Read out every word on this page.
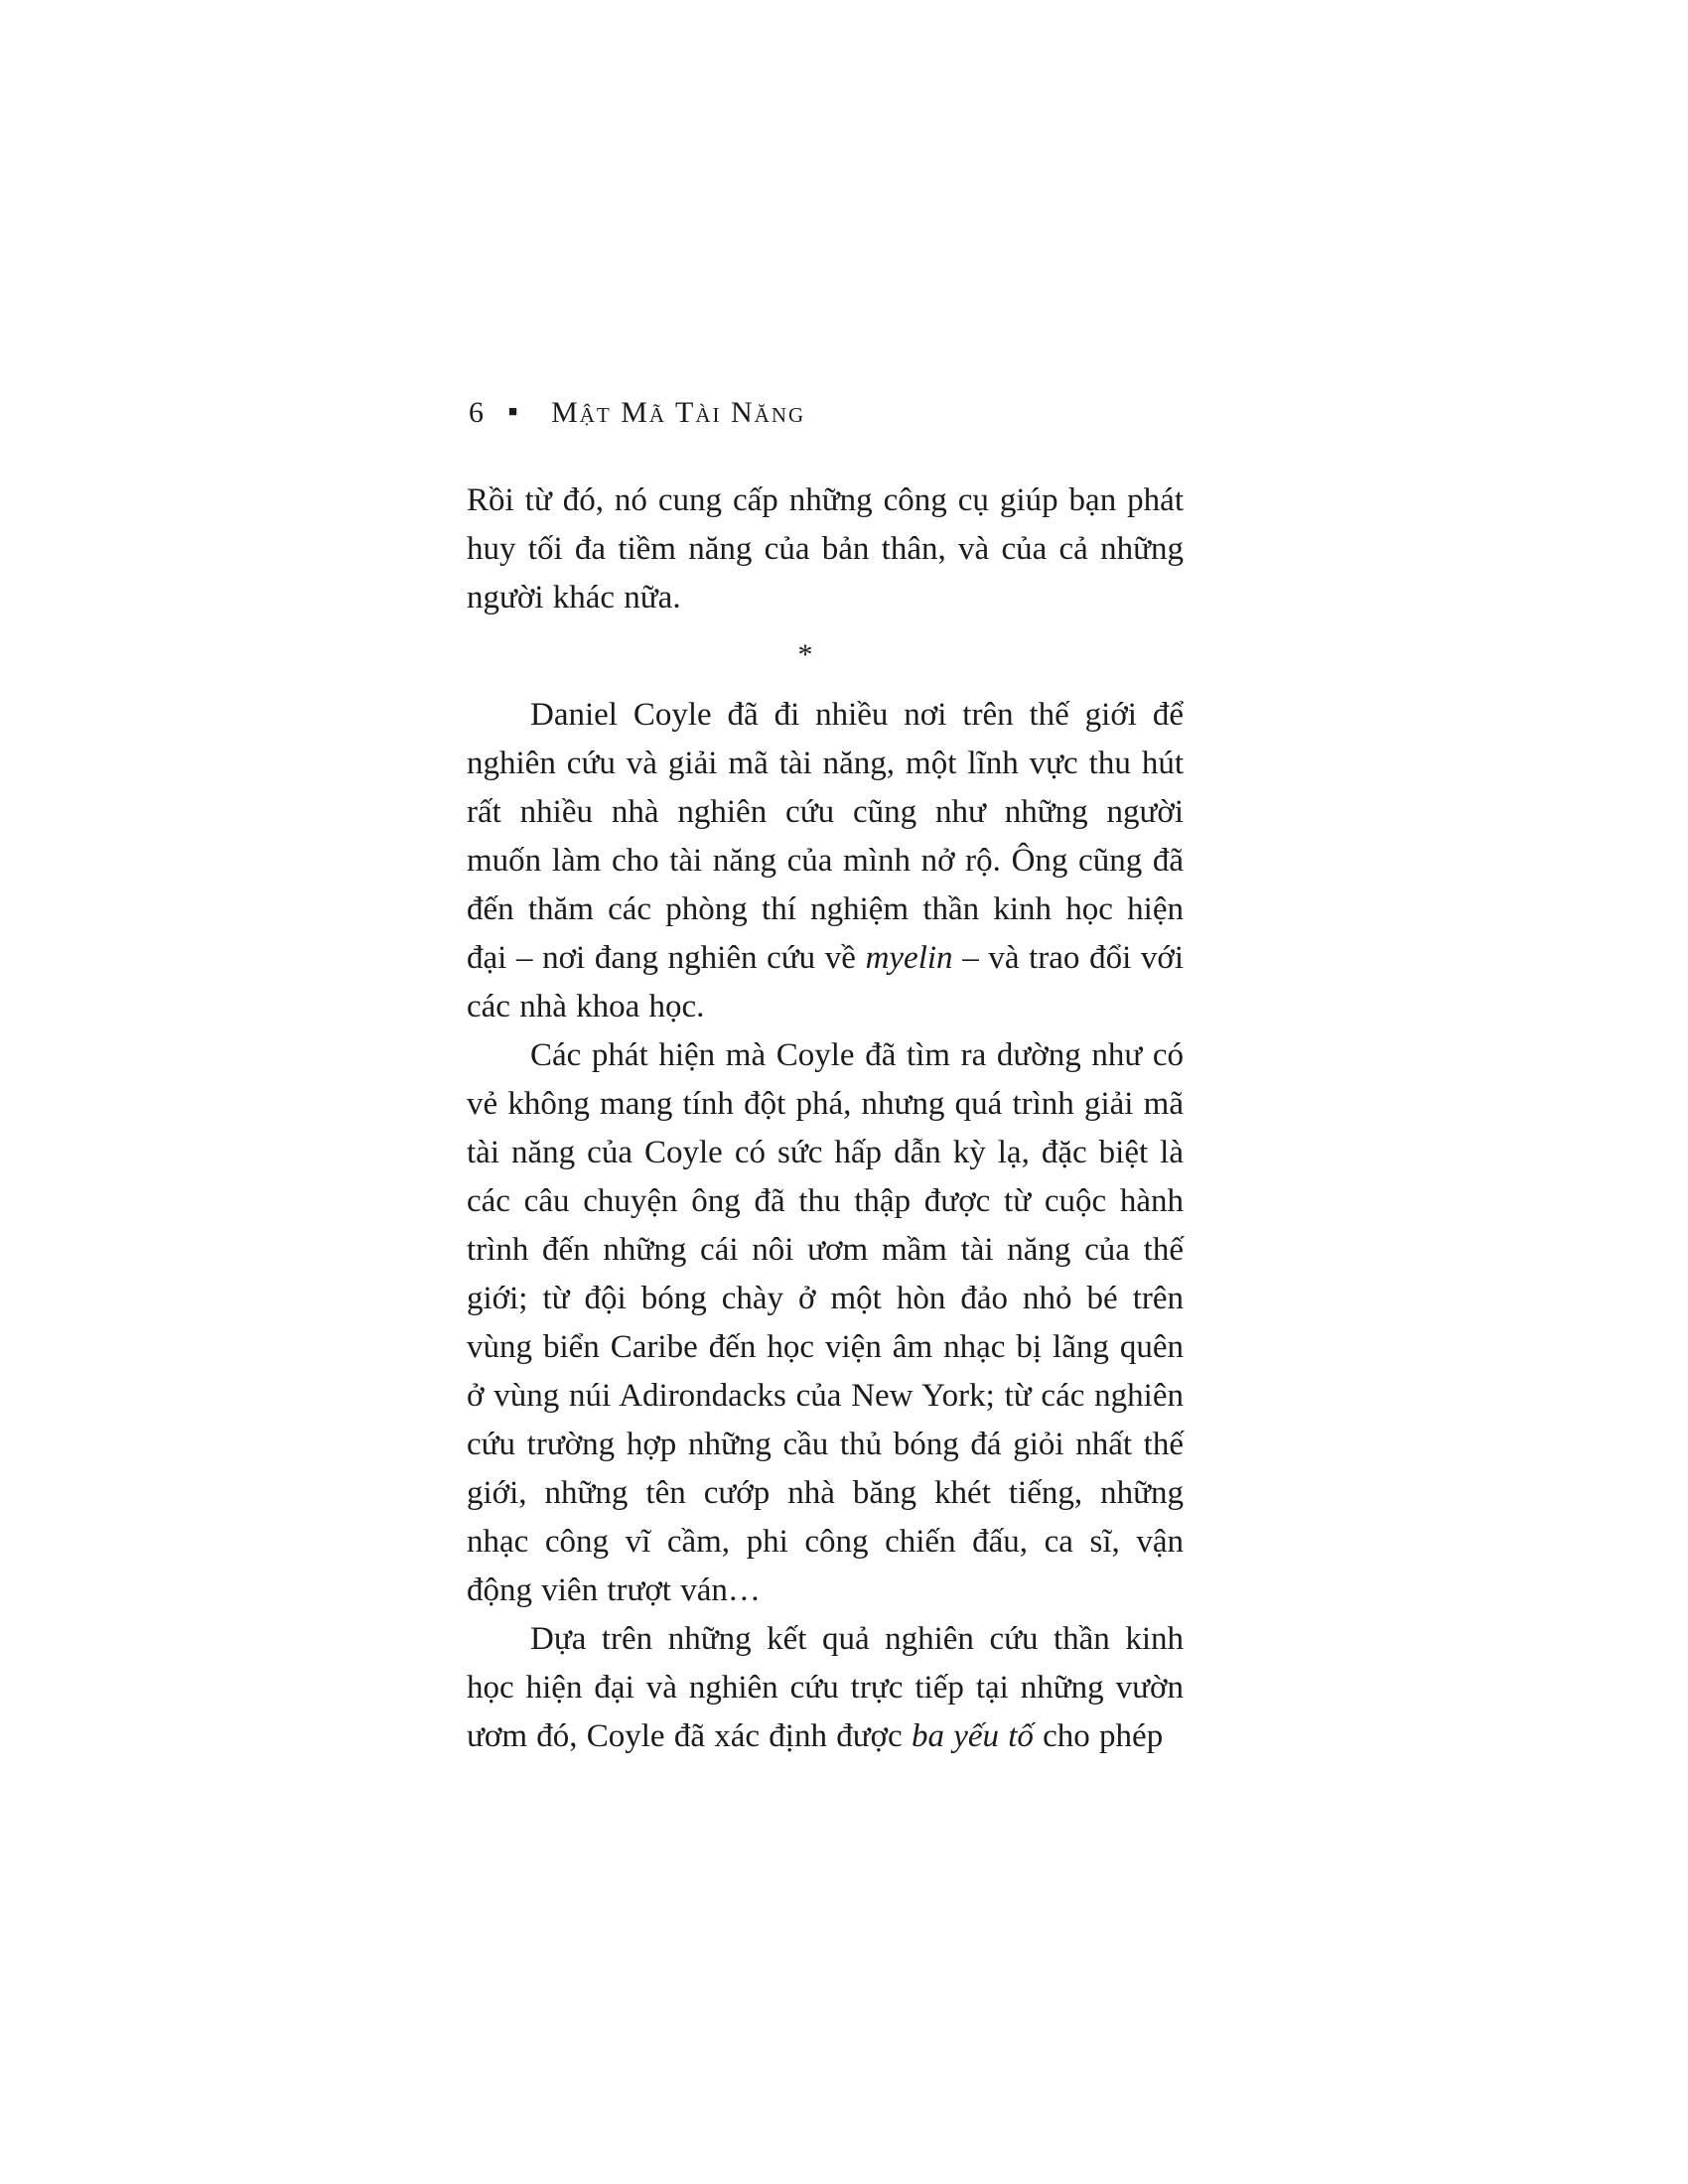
6 ■ Mật Mã Tài Năng

Rồi từ đó, nó cung cấp những công cụ giúp bạn phát huy tối đa tiềm năng của bản thân, và của cả những người khác nữa.

*

Daniel Coyle đã đi nhiều nơi trên thế giới để nghiên cứu và giải mã tài năng, một lĩnh vực thu hút rất nhiều nhà nghiên cứu cũng như những người muốn làm cho tài năng của mình nở rộ. Ông cũng đã đến thăm các phòng thí nghiệm thần kinh học hiện đại – nơi đang nghiên cứu về myelin – và trao đổi với các nhà khoa học.

Các phát hiện mà Coyle đã tìm ra dường như có vẻ không mang tính đột phá, nhưng quá trình giải mã tài năng của Coyle có sức hấp dẫn kỳ lạ, đặc biệt là các câu chuyện ông đã thu thập được từ cuộc hành trình đến những cái nôi ươm mầm tài năng của thế giới; từ đội bóng chày ở một hòn đảo nhỏ bé trên vùng biển Caribe đến học viện âm nhạc bị lãng quên ở vùng núi Adirondacks của New York; từ các nghiên cứu trường hợp những cầu thủ bóng đá giỏi nhất thế giới, những tên cướp nhà băng khét tiếng, những nhạc công vĩ cầm, phi công chiến đấu, ca sĩ, vận động viên trượt ván…

Dựa trên những kết quả nghiên cứu thần kinh học hiện đại và nghiên cứu trực tiếp tại những vườn ươm đó, Coyle đã xác định được ba yếu tố cho phép
